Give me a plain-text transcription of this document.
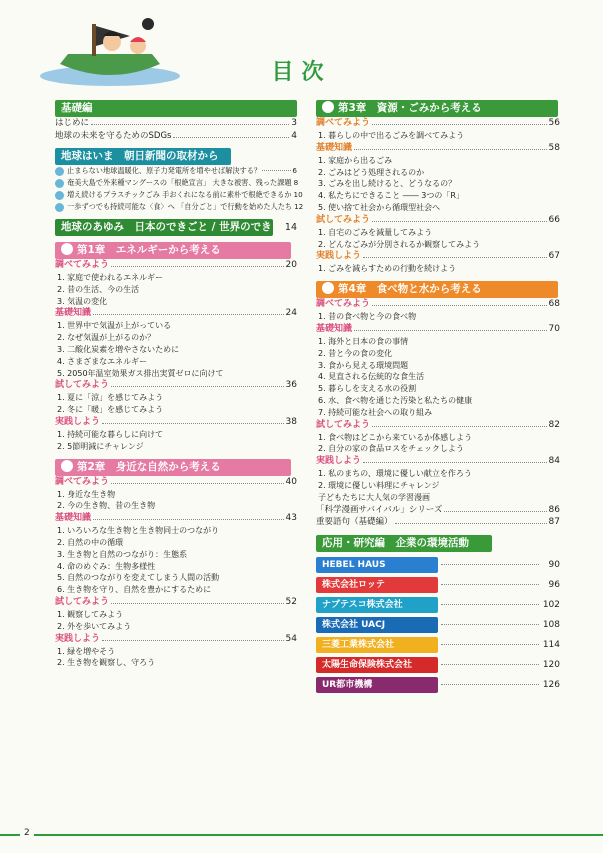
目次
基礎編
はじめに	3
地球の未来を守るためのSDGs	4
地球はいま　朝日新聞の取材から
止まらない地球温暖化、原子力発電所を増やせば解決する？	6
奄美大島で外来種マングースの「根絶宣言」 大きな被害、残った課題 8
増え続けるプラスチックごみ 手おくれになる前に素朴で根絶できるか 10
一歩ずつでも持続可能な〈食〉へ 「自分ごと」で行動を始めた人たち 12
地球のあゆみ　日本のできごと / 世界のでき 14
第1章　エネルギーから考える
調べてみよう	20
1. 家庭で使われるエネルギー
2. 昔の生活、今の生活
3. 気温の変化
基礎知識	24
1. 世界中で気温が上がっている
2. なぜ気温が上がるのか？
3. 二酸化炭素を増やさないために
4. さまざまなエネルギー
5. 2050年温室効果ガス排出実質ゼロに向けて
試してみよう	36
1. 夏に「涼」を感じてみよう
2. 冬に「暖」を感じてみよう
実践しよう	38
1. 持続可能な暮らしに向けて
2. 5節明減にチャレンジ
第2章　身近な自然から考える
調べてみよう	40
1. 身近な生き物
2. 今の生き物、昔の生き物
基礎知識	43
1. いろいろな生き物と生き物同士のつながり
2. 自然の中の循環
3. 生き物と自然のつながり：生態系
4. 命のめぐみ：生物多様性
5. 自然のつながりを変えてしまう人間の活動
6. 生き物を守り、自然を豊かにするために
試してみよう	52
1. 観察してみよう
2. 外を歩いてみよう
実践しよう	54
1. 緑を増やそう
2. 生き物を観察し、守ろう
第3章　資源・ごみから考える
調べてみよう	56
1. 暮らしの中で出るごみを調べてみよう
基礎知識	58
1. 家庭から出るごみ
2. ごみはどう処理されるのか
3. ごみを出し続けると、どうなるの？
4. 私たちにできること ―― 3つの「R」
5. 使い捨て社会から循環型社会へ
試してみよう	66
1. 自宅のごみを減量してみよう
2. どんなごみが分別されるか観察してみよう
実践しよう	67
1. ごみを減らすための行動を続けよう
第4章　食べ物と水から考える
調べてみよう	68
1. 昔の食べ物と今の食べ物
基礎知識	70
1. 海外と日本の食の事情
2. 昔と今の食の変化
3. 食から見える環境問題
4. 見直される伝統的な食生活
5. 暮らしを支える水の役割
6. 水、食べ物を通じた汚染と私たちの健康
7. 持続可能な社会への取り組み
試してみよう	82
1. 食べ物はどこから来ているか体感しよう
2. 自分の家の食品ロスをチェックしよう
実践しよう	84
1. 私のまちの、環境に優しい献立を作ろう
2. 環境に優しい料理にチャレンジ
子どもたちに大人気の学習漫画
「科学漫画サバイバル」シリーズ	86
重要語句（基礎編）	87
応用・研究編　企業の環境活動
HEBEL HAUS	90
株式会社ロッテ	96
ナブテスコ株式会社	102
株式会社 UACJ	108
三菱工業株式会社	114
太陽生命保険株式会社	120
UR都市機構	126
2
